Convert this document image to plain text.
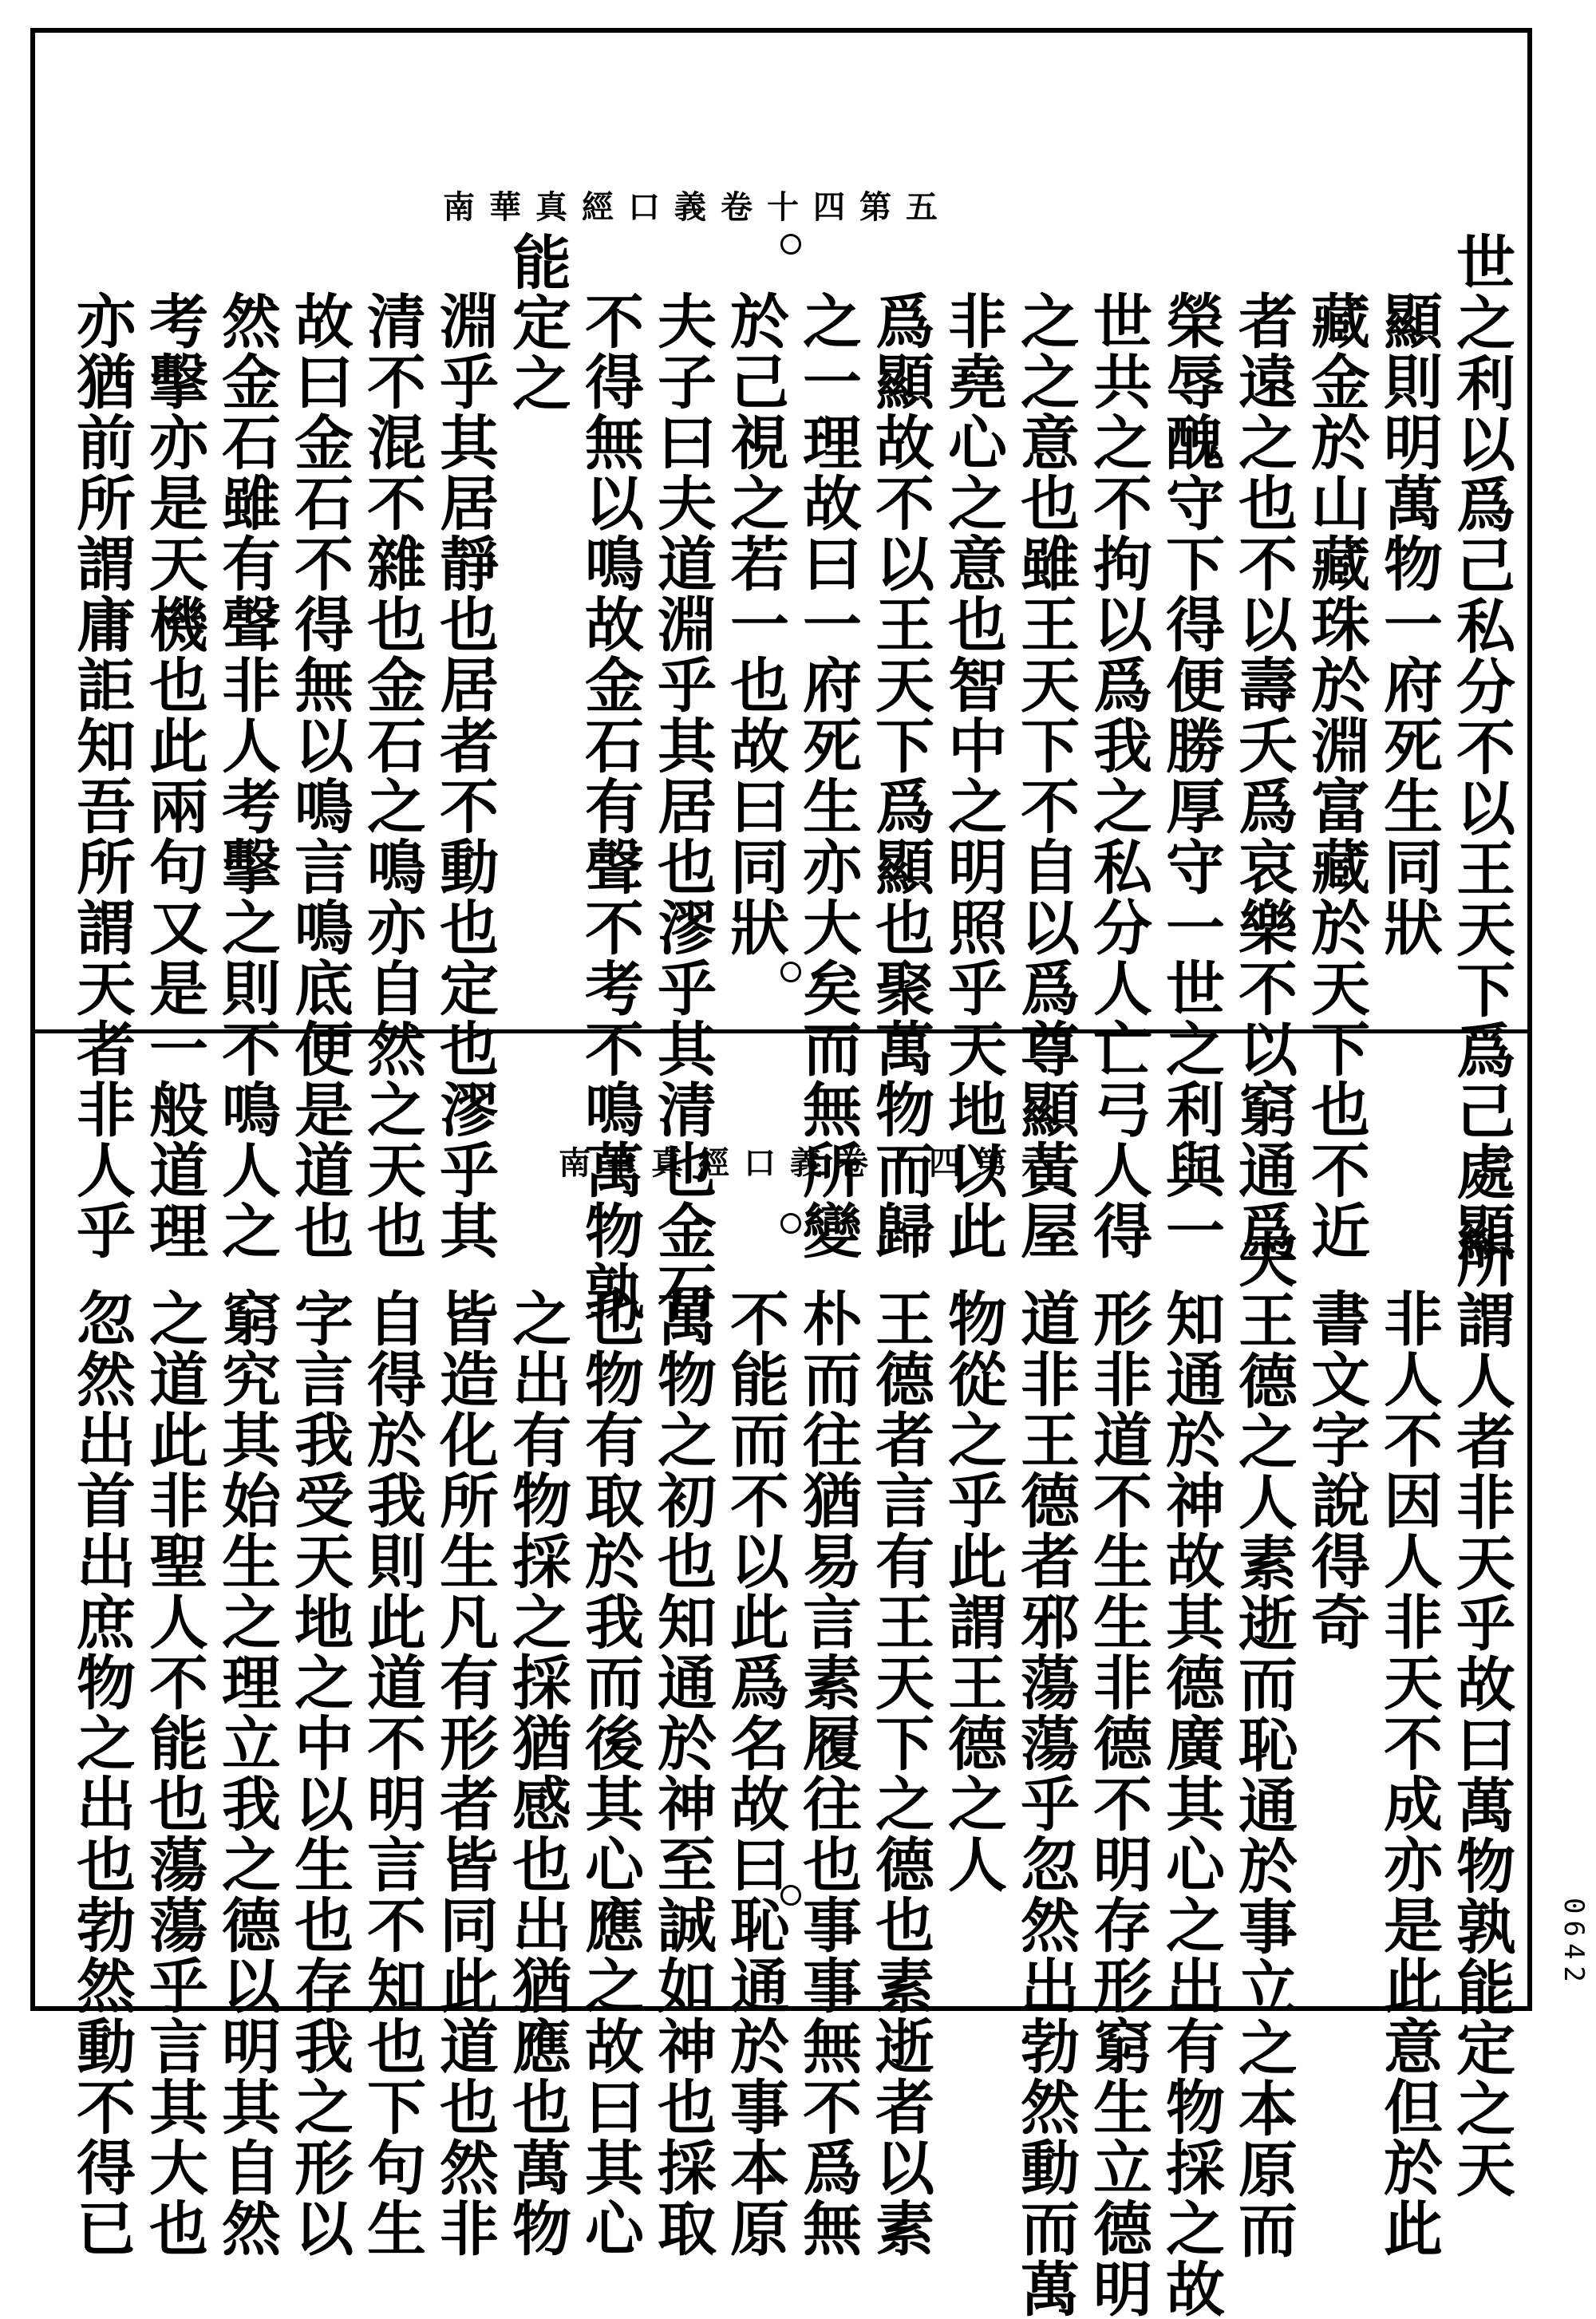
南華真經口義卷十四第五
世之利以爲己私分不以王天下爲己處顯
顯則明萬物一府死生同狀
藏金於山藏珠於淵富藏於天下也不近
者遠之也不以壽夭爲哀樂不以窮通爲
榮辱醜守下得便勝厚守一世之利與一
世共之不拘以爲我之私分人亡弓人得
之之意也雖王天下不自以爲尊顯黃屋
非堯心之意也智中之明照乎天地以此
爲顯故不以王天下爲顯也聚萬物而歸
之一理故曰一府死生亦大矣而無所變
於己視之若一也故曰同狀
夫子曰夫道淵乎其居也漻乎其清也金石
不得無以鳴故金石有聲不考不鳴萬物孰
能定之
淵乎其居靜也居者不動也定也漻乎其
清不混不雜也金石之鳴亦自然之天也
故曰金石不得無以鳴言鳴底便是道也
然金石雖有聲非人考擊之則不鳴人之
考擊亦是天機也此兩句又是一般道理
亦猶前所謂庸詎知吾所謂天者非人乎	南華真經口義卷十四第六
所謂人者非天乎故曰萬物孰能定之天
非人不因人非天不成亦是此意但於此
書文字說得奇
夫王德之人素逝而恥通於事立之本原而
知通於神故其德廣其心之出有物採之故
形非道不生生非德不明存形窮生立德明
道非王德者邪蕩蕩乎忽然出勃然動而萬
物從之乎此謂王德之人
王德者言有王天下之德也素逝者以素
朴而往猶易言素履往也事事無不爲無
不能而不以此爲名故曰恥通於事本原
萬物之初也知通於神至誠如神也採取
也物有取於我而後其心應之故曰其心
之出有物採之採猶感也出猶應也萬物
皆造化所生凡有形者皆同此道也然非
自得於我則此道不明言不知也下句生
字言我受天地之中以生也存我之形以
窮究其始生之理立我之德以明其自然
之道此非聖人不能也蕩蕩乎言其大也
忽然出首出庶物之出也勃然動不得已	0642
